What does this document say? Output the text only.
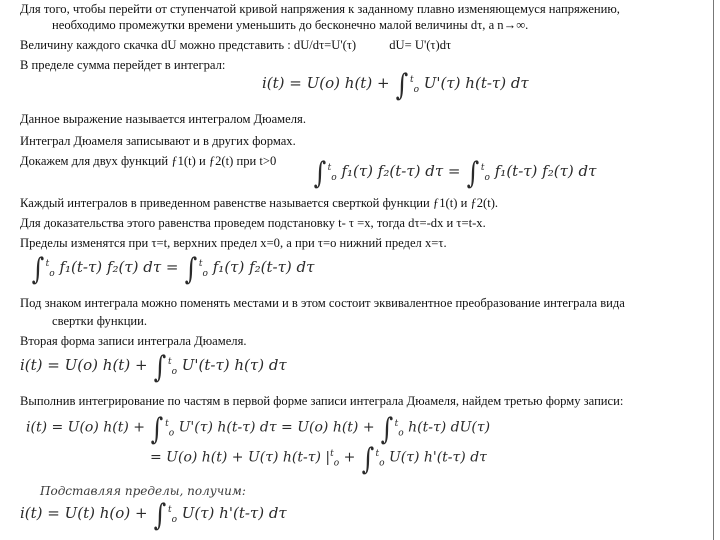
Для того, чтобы перейти от ступенчатой кривой напряжения к заданному плавно изменяющемуся напряжению,
необходимо промежутки времени уменьшить до бесконечно малой величины dτ, а n→∞.
Величину каждого скачка dU можно представить : dU/dτ=U'(τ)	dU= U'(τ)dτ
В пределе сумма перейдет в интеграл:
i(t) = U(o) h(t) + ∫ $^t_o$ U'(τ) h(t-τ) dτ
Данное выражение называется интегралом Дюамеля.
Интеграл Дюамеля записывают и в других формах.
Докажем для двух функций ƒ1(t) и ƒ2(t) при t>0 ∫ $^t_o$ f₁(τ) f₂(t-τ) dτ = ∫ $^t_o$ f₁(t-τ) f₂(τ) dτ
Каждый интегралов в приведенном равенстве называется сверткой функции ƒ1(t) и ƒ2(t).
Для доказательства этого равенства проведем подстановку t- τ =x, тогда dτ=-dx и τ=t-x.
Пределы изменятся при τ=t, верхних предел x=0, а при τ=o нижний предел x=τ.
∫ $^t_o$ f₁(t-τ) f₂(τ) dτ = ∫ $^t_o$ f₁(τ) f₂(t-τ) dτ
Под знаком интеграла можно поменять местами и в этом состоит эквивалентное преобразование интеграла вида
свертки функции.
Вторая форма записи интеграла Дюамеля.
i(t) = U(o) h(t) + ∫ $^t_o$ U'(t-τ) h(τ) dτ
Выполнив интегрирование по частям в первой форме записи интеграла Дюамеля, найдем третью форму записи:
i(t) = U(o) h(t) + ∫ $^t_o$ U'(τ) h(t-τ) dτ = U(o) h(t) + ∫ $^t_o$ h(t-τ) dU(τ)
= U(o) h(t) + U(τ) h(t-τ) $|^t_o$ + ∫ $^t_o$ U(τ) h'(t-τ) dτ
Подставляя пределы, получим:
i(t) = U(t) h(o) + ∫ $^t_o$ U(τ) h'(t-τ) dτ
